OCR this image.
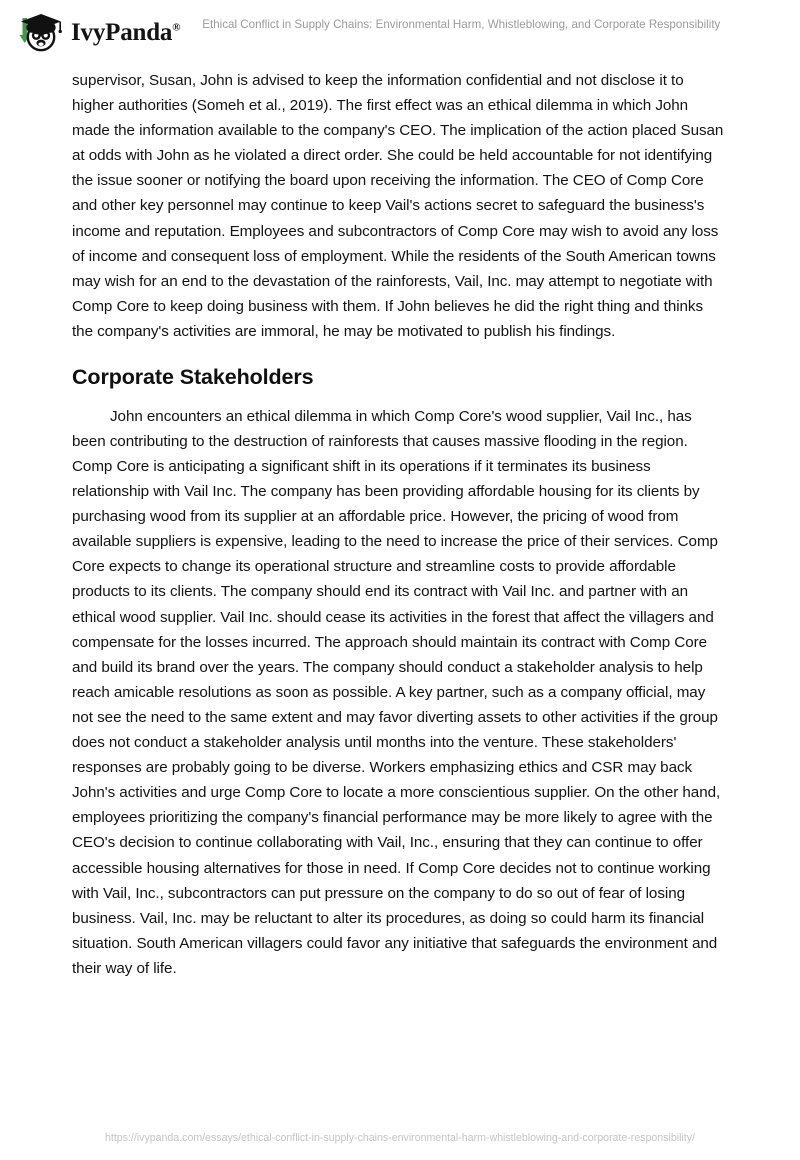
IvyPanda®	Ethical Conflict in Supply Chains: Environmental Harm, Whistleblowing, and Corporate Responsibility

supervisor, Susan, John is advised to keep the information confidential and not disclose it to higher authorities (Someh et al., 2019). The first effect was an ethical dilemma in which John made the information available to the company's CEO. The implication of the action placed Susan at odds with John as he violated a direct order. She could be held accountable for not identifying the issue sooner or notifying the board upon receiving the information. The CEO of Comp Core and other key personnel may continue to keep Vail's actions secret to safeguard the business's income and reputation. Employees and subcontractors of Comp Core may wish to avoid any loss of income and consequent loss of employment. While the residents of the South American towns may wish for an end to the devastation of the rainforests, Vail, Inc. may attempt to negotiate with Comp Core to keep doing business with them. If John believes he did the right thing and thinks the company's activities are immoral, he may be motivated to publish his findings.

Corporate Stakeholders

John encounters an ethical dilemma in which Comp Core's wood supplier, Vail Inc., has been contributing to the destruction of rainforests that causes massive flooding in the region. Comp Core is anticipating a significant shift in its operations if it terminates its business relationship with Vail Inc. The company has been providing affordable housing for its clients by purchasing wood from its supplier at an affordable price. However, the pricing of wood from available suppliers is expensive, leading to the need to increase the price of their services. Comp Core expects to change its operational structure and streamline costs to provide affordable products to its clients. The company should end its contract with Vail Inc. and partner with an ethical wood supplier. Vail Inc. should cease its activities in the forest that affect the villagers and compensate for the losses incurred. The approach should maintain its contract with Comp Core and build its brand over the years. The company should conduct a stakeholder analysis to help reach amicable resolutions as soon as possible. A key partner, such as a company official, may not see the need to the same extent and may favor diverting assets to other activities if the group does not conduct a stakeholder analysis until months into the venture. These stakeholders' responses are probably going to be diverse. Workers emphasizing ethics and CSR may back John's activities and urge Comp Core to locate a more conscientious supplier. On the other hand, employees prioritizing the company's financial performance may be more likely to agree with the CEO's decision to continue collaborating with Vail, Inc., ensuring that they can continue to offer accessible housing alternatives for those in need. If Comp Core decides not to continue working with Vail, Inc., subcontractors can put pressure on the company to do so out of fear of losing business. Vail, Inc. may be reluctant to alter its procedures, as doing so could harm its financial situation. South American villagers could favor any initiative that safeguards the environment and their way of life.

https://ivypanda.com/essays/ethical-conflict-in-supply-chains-environmental-harm-whistleblowing-and-corporate-responsibility/
